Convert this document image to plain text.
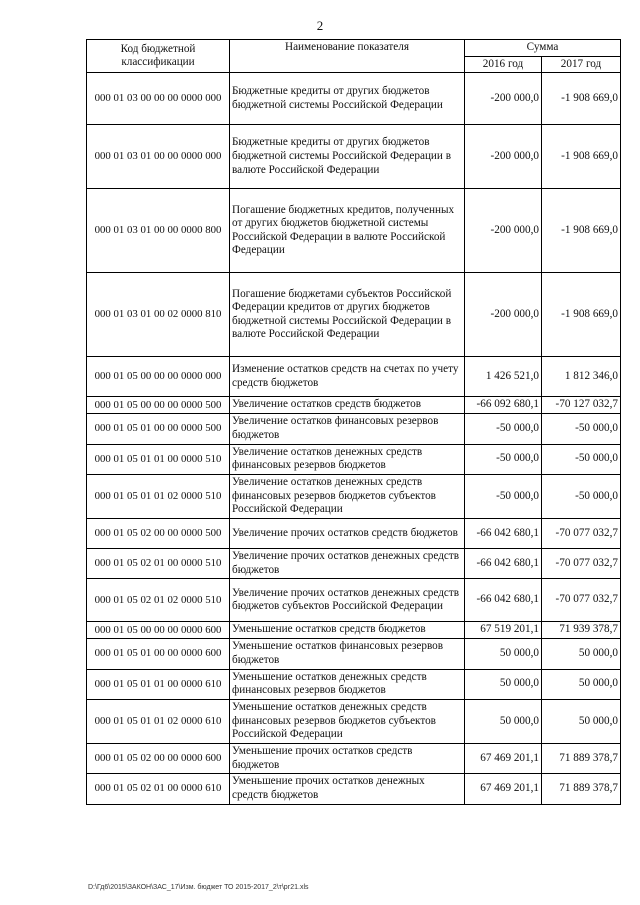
2
Код бюджетной классификации	Наименование показателя	Сумма	
		2016 год	2017 год
000 01 03 00 00 00 0000 000	Бюджетные кредиты от других бюджетов бюджетной системы Российской Федерации	-200 000,0	-1 908 669,0
000 01 03 01 00 00 0000 000	Бюджетные кредиты от других бюджетов бюджетной системы Российской Федерации в валюте Российской Федерации	-200 000,0	-1 908 669,0
000 01 03 01 00 00 0000 800	Погашение бюджетных кредитов, полученных от других бюджетов бюджетной системы Российской Федерации в валюте Российской Федерации	-200 000,0	-1 908 669,0
000 01 03 01 00 02 0000 810	Погашение бюджетами субъектов Российской Федерации кредитов от других бюджетов бюджетной системы Российской Федерации в валюте Российской Федерации	-200 000,0	-1 908 669,0
000 01 05 00 00 00 0000 000	Изменение остатков средств на счетах по учету средств бюджетов	1 426 521,0	1 812 346,0
000 01 05 00 00 00 0000 500	Увеличение остатков средств бюджетов	-66 092 680,1	-70 127 032,7
000 01 05 01 00 00 0000 500	Увеличение остатков финансовых резервов бюджетов	-50 000,0	-50 000,0
000 01 05 01 01 00 0000 510	Увеличение остатков денежных средств финансовых резервов бюджетов	-50 000,0	-50 000,0
000 01 05 01 01 02 0000 510	Увеличение остатков денежных средств финансовых резервов бюджетов субъектов Российской Федерации	-50 000,0	-50 000,0
000 01 05 02 00 00 0000 500	Увеличение прочих остатков средств бюджетов	-66 042 680,1	-70 077 032,7
000 01 05 02 01 00 0000 510	Увеличение прочих остатков денежных средств бюджетов	-66 042 680,1	-70 077 032,7
000 01 05 02 01 02 0000 510	Увеличение прочих остатков денежных средств бюджетов субъектов Российской Федерации	-66 042 680,1	-70 077 032,7
000 01 05 00 00 00 0000 600	Уменьшение остатков средств бюджетов	67 519 201,1	71 939 378,7
000 01 05 01 00 00 0000 600	Уменьшение остатков финансовых резервов бюджетов	50 000,0	50 000,0
000 01 05 01 01 00 0000 610	Уменьшение остатков денежных средств финансовых резервов бюджетов	50 000,0	50 000,0
000 01 05 01 01 02 0000 610	Уменьшение остатков денежных средств финансовых резервов бюджетов субъектов Российской Федерации	50 000,0	50 000,0
000 01 05 02 00 00 0000 600	Уменьшение прочих остатков средств бюджетов	67 469 201,1	71 889 378,7
000 01 05 02 01 00 0000 610	Уменьшение прочих остатков денежных средств бюджетов	67 469 201,1	71 889 378,7
D:\Гд6\2015\ЗАКОН\ЗАС_17\Изм. бюджет ТО 2015-2017_2\т\рг21.xls
